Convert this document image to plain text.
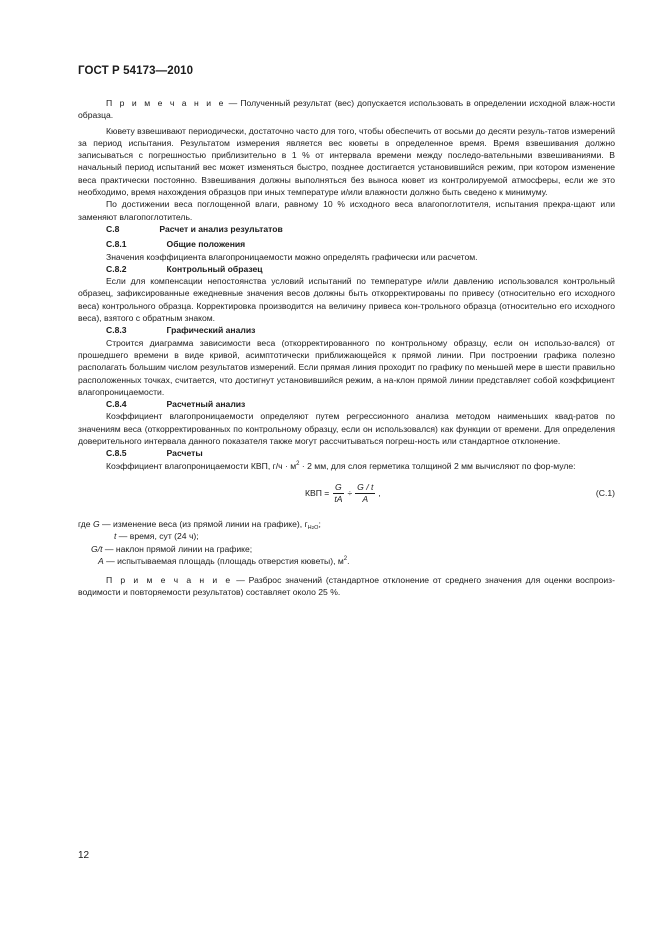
ГОСТ Р 54173—2010

П р и м е ч а н и е — Полученный результат (вес) допускается использовать в определении исходной влаж-ности образца.

Кювету взвешивают периодически, достаточно часто для того, чтобы обеспечить от восьми до десяти резуль-татов измерений за период испытания. Результатом измерения является вес кюветы в определенное время. Время взвешивания должно записываться с погрешностью приблизительно в 1 % от интервала времени между последо-вательными взвешиваниями. В начальный период испытаний вес может изменяться быстро, позднее достигается установившийся режим, при котором изменение веса практически постоянно. Взвешивания должны выполняться без выноса кювет из контролируемой атмосферы, если же это необходимо, время нахождения образцов при иных температуре и/или влажности должно быть сведено к минимуму.

По достижении веса поглощенной влаги, равному 10 % исходного веса влагопоглотителя, испытания прекра-щают или заменяют влагопоглотитель.

С.8	Расчет и анализ результатов

С.8.1	Общие положения

Значения коэффициента влагопроницаемости можно определять графически или расчетом.

С.8.2	Контрольный образец

Если для компенсации непостоянства условий испытаний по температуре и/или давлению использовался контрольный образец, зафиксированные ежедневные значения весов должны быть откорректированы по привесу (относительно его исходного веса) контрольного образца. Корректировка производится на величину привеса кон-трольного образца (относительно его исходного веса), взятого с обратным знаком.

С.8.3	Графический анализ

Строится диаграмма зависимости веса (откорректированного по контрольному образцу, если он использо-вался) от прошедшего времени в виде кривой, асимптотически приближающейся к прямой линии. При построении графика полезно располагать большим числом результатов измерений. Если прямая линия проходит по графику по меньшей мере в шести правильно расположенных точках, считается, что достигнут установившийся режим, а на-клон прямой линии представляет собой коэффициент влагопроницаемости.

С.8.4	Расчетный анализ

Коэффициент влагопроницаемости определяют путем регрессионного анализа методом наименьших квад-ратов по значениям веса (откорректированных по контрольному образцу, если он использовался) как функции от времени. Для определения доверительного интервала данного показателя также могут рассчитываться погреш-ность или стандартное отклонение.

С.8.5	Расчеты

Коэффициент влагопроницаемости КВП, $г/ч \cdot м^2 \cdot 2$ мм, для слоя герметика толщиной 2 мм вычисляют по фор-муле:

КВП = $\frac{G}{tA} \div \frac{G / t}{A}$ ,	(С.1)

где G — изменение веса (из прямой линии на графике), $г_{H2O}$;

t — время, сут (24 ч);

G/t — наклон прямой линии на графике;

A — испытываемая площадь (площадь отверстия кюветы), $м^2$.

П р и м е ч а н и е — Разброс значений (стандартное отклонение от среднего значения для оценки воспроиз-водимости и повторяемости результатов) составляет около 25 %.

12
